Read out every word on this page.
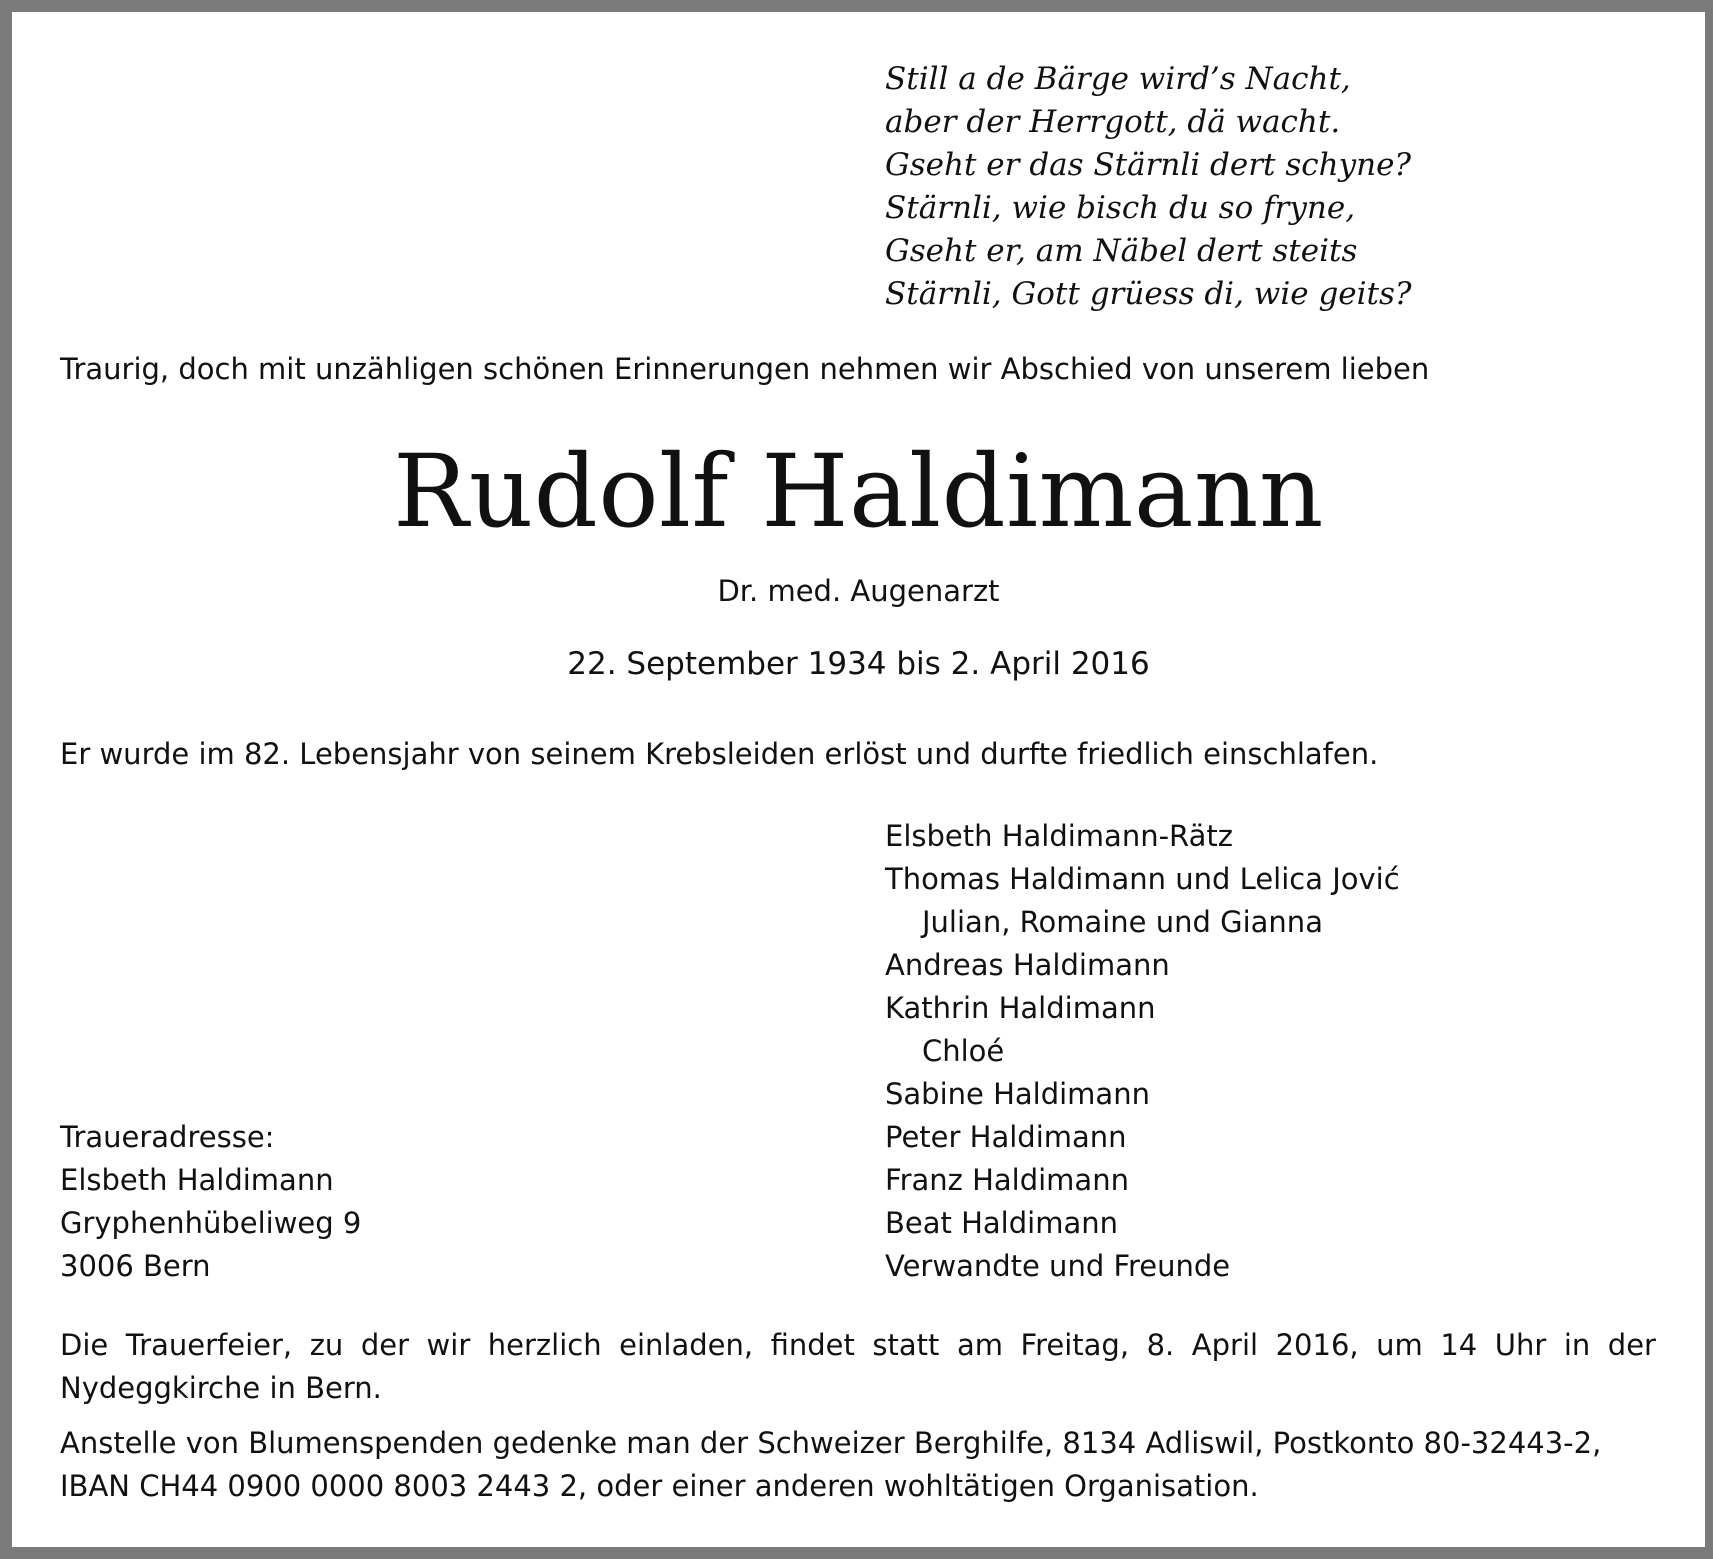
Still a de Bärge wird’s Nacht,
aber der Herrgott, dä wacht.
Gseht er das Stärnli dert schyne?
Stärnli, wie bisch du so fryne,
Gseht er, am Näbel dert steits
Stärnli, Gott grüess di, wie geits?
Traurig, doch mit unzähligen schönen Erinnerungen nehmen wir Abschied von unserem lieben
Rudolf Haldimann
Dr. med. Augenarzt
22. September 1934 bis 2. April 2016
Er wurde im 82. Lebensjahr von seinem Krebsleiden erlöst und durfte friedlich einschlafen.
Elsbeth Haldimann-Rätz
Thomas Haldimann und Lelica Jović
Julian, Romaine und Gianna
Andreas Haldimann
Kathrin Haldimann
Chloé
Sabine Haldimann
Peter Haldimann
Franz Haldimann
Beat Haldimann
Verwandte und Freunde
Traueradresse:
Elsbeth Haldimann
Gryphenhübeliweg 9
3006 Bern
Die Trauerfeier, zu der wir herzlich einladen, findet statt am Freitag, 8. April 2016, um 14 Uhr in der Nydeggkirche in Bern.
Anstelle von Blumenspenden gedenke man der Schweizer Berghilfe, 8134 Adliswil, Postkonto 80-32443-2, IBAN CH44 0900 0000 8003 2443 2, oder einer anderen wohltätigen Organisation.
